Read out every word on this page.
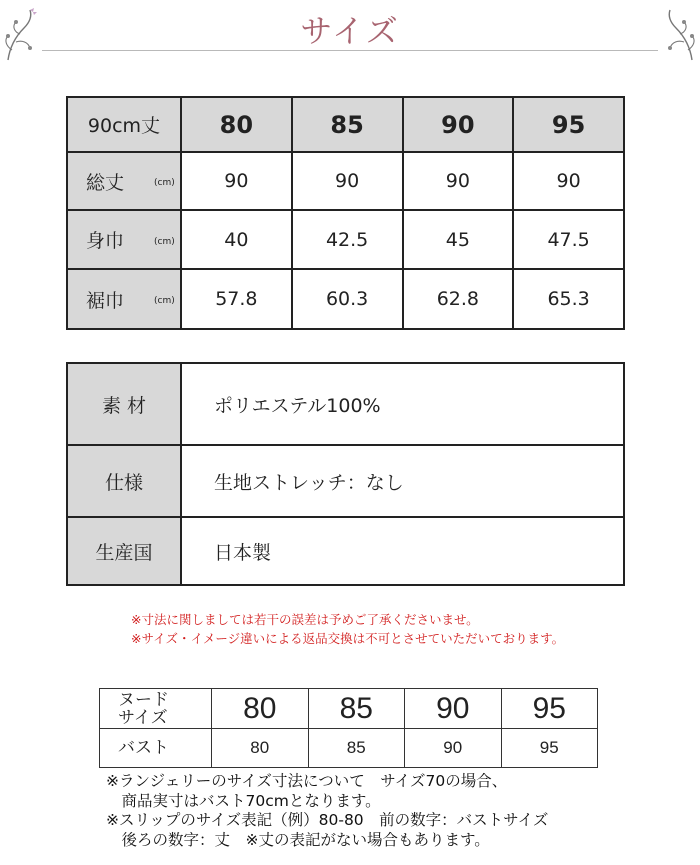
サイズ
90cm丈	80	85	90	95
総丈 (cm)	90	90	90	90
身巾 (cm)	40	42.5	45	47.5
裾巾 (cm)	57.8	60.3	62.8	65.3
素 材	ポリエステル100%
仕様	生地ストレッチ：なし
生産国	日本製
※寸法に関しましては若干の誤差は予めご了承くださいませ。
※サイズ・イメージ違いによる返品交換は不可とさせていただいております。
ヌード
サイズ	80	85	90	95
バスト	80	85	90	95
※ランジェリーのサイズ寸法について　サイズ70の場合、
　商品実寸はバスト70cmとなります。
※スリップのサイズ表記（例）80-80　前の数字：バストサイズ
　後ろの数字：丈　※丈の表記がない場合もあります。
